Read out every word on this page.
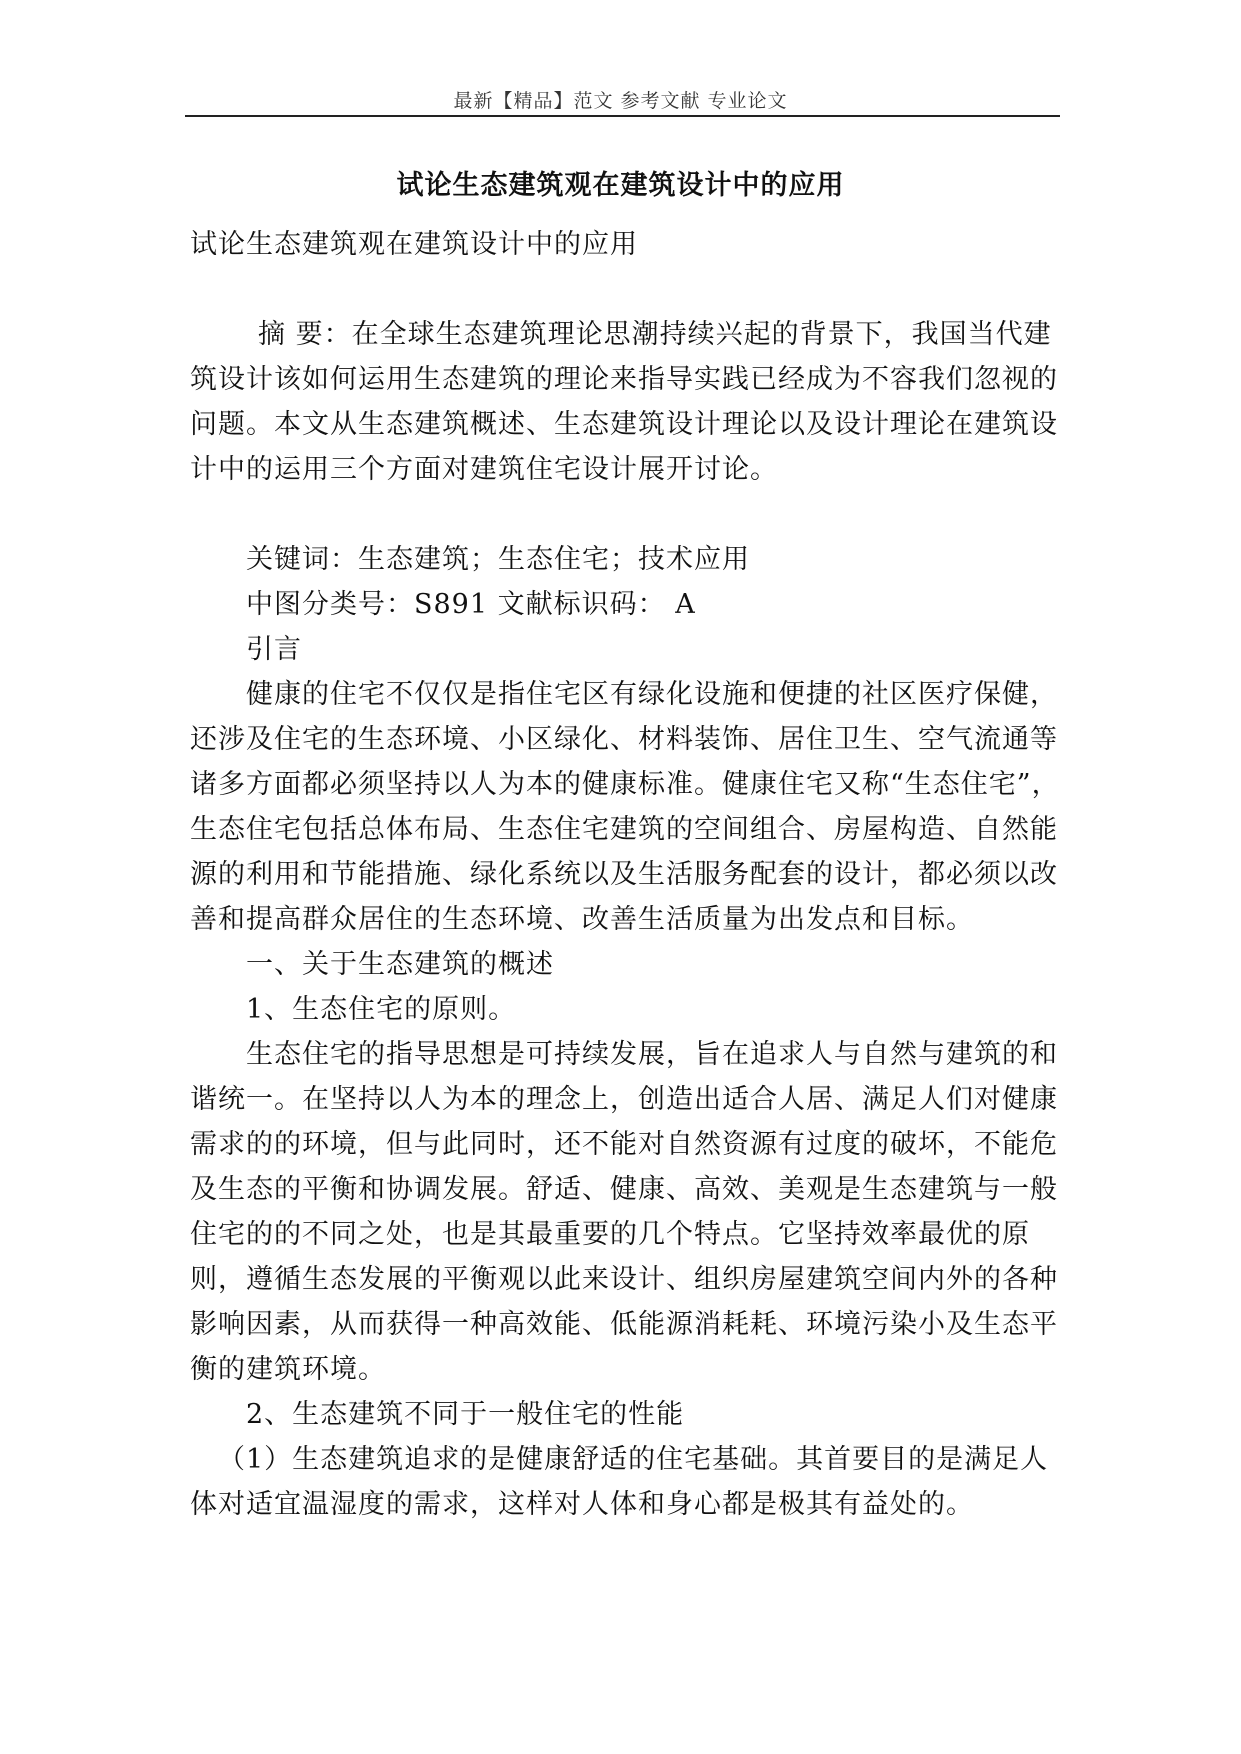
最新【精品】范文 参考文献 专业论文
试论生态建筑观在建筑设计中的应用

试论生态建筑观在建筑设计中的应用

摘 要：在全球生态建筑理论思潮持续兴起的背景下，我国当代建筑设计该如何运用生态建筑的理论来指导实践已经成为不容我们忽视的问题。本文从生态建筑概述、生态建筑设计理论以及设计理论在建筑设计中的运用三个方面对建筑住宅设计展开讨论。

关键词：生态建筑；生态住宅；技术应用

中图分类号：S891 文献标识码： A

引言

健康的住宅不仅仅是指住宅区有绿化设施和便捷的社区医疗保健，还涉及住宅的生态环境、小区绿化、材料装饰、居住卫生、空气流通等诸多方面都必须坚持以人为本的健康标准。健康住宅又称“生态住宅”，生态住宅包括总体布局、生态住宅建筑的空间组合、房屋构造、自然能源的利用和节能措施、绿化系统以及生活服务配套的设计，都必须以改善和提高群众居住的生态环境、改善生活质量为出发点和目标。

一、关于生态建筑的概述

1、生态住宅的原则。

生态住宅的指导思想是可持续发展，旨在追求人与自然与建筑的和谐统一。在坚持以人为本的理念上，创造出适合人居、满足人们对健康需求的的环境，但与此同时，还不能对自然资源有过度的破坏，不能危及生态的平衡和协调发展。舒适、健康、高效、美观是生态建筑与一般住宅的的不同之处，也是其最重要的几个特点。它坚持效率最优的原则，遵循生态发展的平衡观以此来设计、组织房屋建筑空间内外的各种影响因素，从而获得一种高效能、低能源消耗耗、环境污染小及生态平衡的建筑环境。

2、生态建筑不同于一般住宅的性能

（1）生态建筑追求的是健康舒适的住宅基础。其首要目的是满足人体对适宜温湿度的需求，这样对人体和身心都是极其有益处的。
